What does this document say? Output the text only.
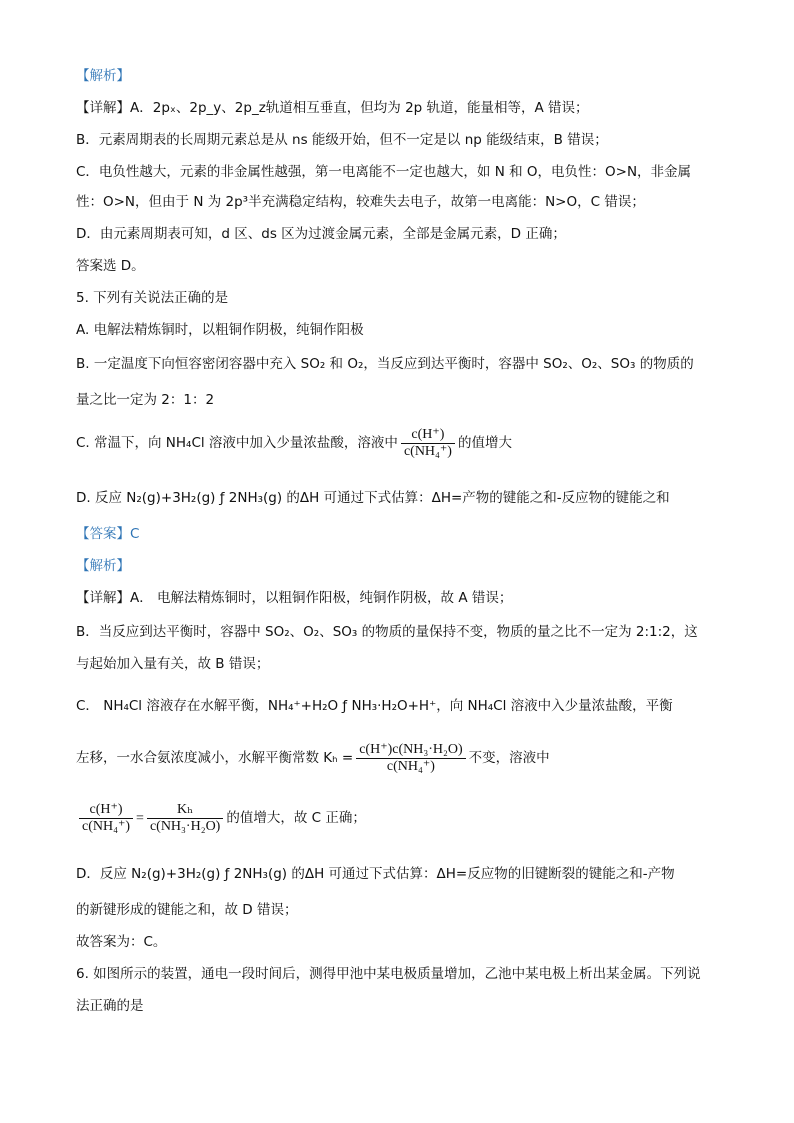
【解析】
【详解】A．2pₓ、2p_y、2p_z轨道相互垂直，但均为 2p 轨道，能量相等，A 错误；
B．元素周期表的长周期元素总是从 ns 能级开始，但不一定是以 np 能级结束，B 错误；
C．电负性越大，元素的非金属性越强，第一电离能不一定也越大，如 N 和 O，电负性：O>N，非金属
性：O>N，但由于 N 为 2p³半充满稳定结构，较难失去电子，故第一电离能：N>O，C 错误；
D．由元素周期表可知，d 区、ds 区为过渡金属元素，全部是金属元素，D 正确；
答案选 D。
5. 下列有关说法正确的是
A. 电解法精炼铜时，以粗铜作阴极，纯铜作阳极
B. 一定温度下向恒容密闭容器中充入 SO₂ 和 O₂，当反应到达平衡时，容器中 SO₂、O₂、SO₃ 的物质的
量之比一定为 2：1：2
C. 常温下，向 NH₄Cl 溶液中加入少量浓盐酸，溶液中 $\frac{c(H^+)}{\text{c(NH₄⁺)}}$ 的值增大
D. 反应 N₂(g)+3H₂(g) ƒ 2NH₃(g) 的ΔH 可通过下式估算：ΔH=产物的键能之和-反应物的键能之和
【答案】C
【解析】
【详解】A． 电解法精炼铜时，以粗铜作阳极，纯铜作阴极，故 A 错误；
B．当反应到达平衡时，容器中 SO₂、O₂、SO₃ 的物质的量保持不变，物质的量之比不一定为 2:1:2，这
与起始加入量有关，故 B 错误；
C． NH₄Cl 溶液存在水解平衡，NH₄⁺+H₂O ƒ NH₃·H₂O+H⁺，向 NH₄Cl 溶液中入少量浓盐酸，平衡
左移，一水合氨浓度减小，水解平衡常数 $K_h = \frac{\text{c(H⁺)c(NH₃·H₂O)}}{\text{c(NH₄⁺)}}$ 不变，溶液中
$\frac{c(H^+)}{\text{c(NH₄⁺)}} = \frac{\text{Kₕ}}{\text{c(NH₃·H₂O)}}$ 的值增大，故 C 正确；
D．反应 N₂(g)+3H₂(g) ƒ 2NH₃(g) 的ΔH 可通过下式估算：ΔH=反应物的旧键断裂的键能之和-产物
的新键形成的键能之和，故 D 错误；
故答案为：C。
6. 如图所示的装置，通电一段时间后，测得甲池中某电极质量增加，乙池中某电极上析出某金属。下列说
法正确的是
